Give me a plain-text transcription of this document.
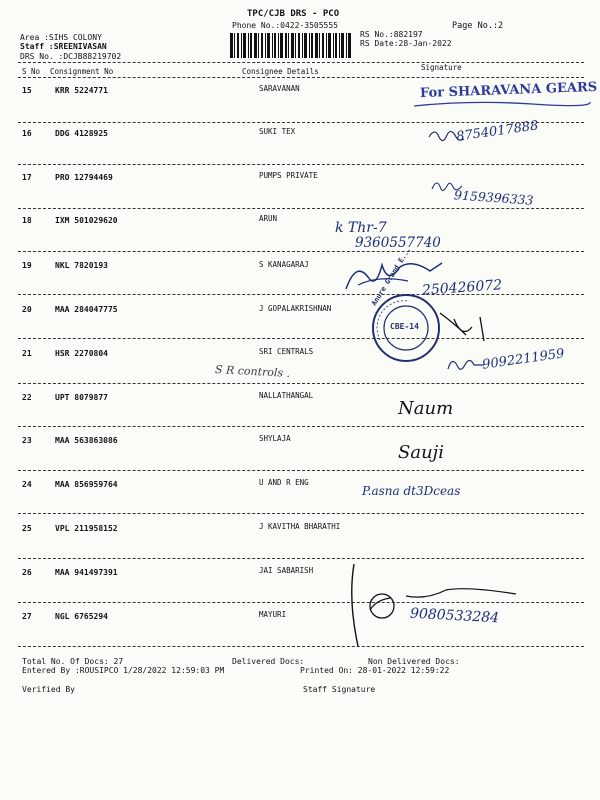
TPC/CJB DRS - PCO
Phone No.:0422-3505555	Page No.:2
Area :SIHS COLONY
Staff :SREENIVASAN
DRS No. :DCJB88219702
RS No.:882197
RS Date:28-Jan-2022
S No Consignment No	Consignee Details	Signature
15	KRR 5224771	SARAVANAN
16	DDG 4128925	SUKI TEX
17	PRO 12794469	PUMPS PRIVATE
18	IXM 501029620	ARUN
19	NKL 7820193	S KANAGARAJ
20	MAA 284047775	J GOPALAKRISHNAN
21	HSR 2270804	SRI CENTRALS
22	UPT 8079877	NALLATHANGAL
23	MAA 563863086	SHYLAJA
24	MAA 856959764	U AND R ENG
25	VPL 211958152	J KAVITHA BHARATHI
26	MAA 941497391	JAI SABARISH
27	NGL 6765294	MAYURI
For SHARAVANA GEARS
8754017888
9159396333
k Thr-7
9360557740
250426072
CBE-14
Anure Grand E...
S R controls .	9092211959
Naum
Sauji
P.asna dt3Dceas
9080533284
Total No. Of Docs: 27	Delivered Docs:	Non Delivered Docs:
Entered By :ROUSIPCO 1/28/2022 12:59:03 PM	Printed On: 28-01-2022 12:59:22
Verified By	Staff Signature
